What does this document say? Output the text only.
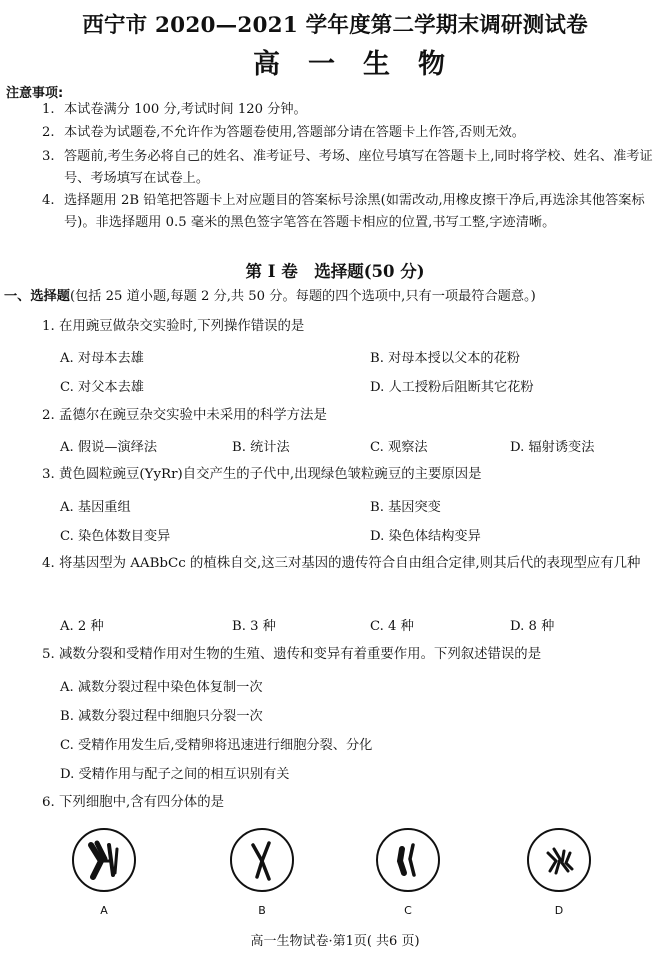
西宁市 2020—2021 学年度第二学期末调研测试卷
高一生物
注意事项:
1. 本试卷满分 100 分,考试时间 120 分钟。
2. 本试卷为试题卷,不允许作为答题卷使用,答题部分请在答题卡上作答,否则无效。
3. 答题前,考生务必将自己的姓名、准考证号、考场、座位号填写在答题卡上,同时将学校、姓名、准考证号、考场填写在试卷上。
4. 选择题用 2B 铅笔把答题卡上对应题目的答案标号涂黑(如需改动,用橡皮擦干净后,再选涂其他答案标号)。非选择题用 0.5 毫米的黑色签字笔答在答题卡相应的位置,书写工整,字迹清晰。
第 I 卷　选择题(50 分)
一、选择题(包括 25 道小题,每题 2 分,共 50 分。每题的四个选项中,只有一项最符合题意。)
1. 在用豌豆做杂交实验时,下列操作错误的是
A. 对母本去雄	B. 对母本授以父本的花粉
C. 对父本去雄	D. 人工授粉后阻断其它花粉
2. 孟德尔在豌豆杂交实验中未采用的科学方法是
A. 假说—演绎法	B. 统计法	C. 观察法	D. 辐射诱变法
3. 黄色圆粒豌豆(YyRr)自交产生的子代中,出现绿色皱粒豌豆的主要原因是
A. 基因重组	B. 基因突变
C. 染色体数目变异	D. 染色体结构变异
4. 将基因型为 AABbCc 的植株自交,这三对基因的遗传符合自由组合定律,则其后代的表现型应有几种
A. 2 种	B. 3 种	C. 4 种	D. 8 种
5. 减数分裂和受精作用对生物的生殖、遗传和变异有着重要作用。下列叙述错误的是
A. 减数分裂过程中染色体复制一次
B. 减数分裂过程中细胞只分裂一次
C. 受精作用发生后,受精卵将迅速进行细胞分裂、分化
D. 受精作用与配子之间的相互识别有关
6. 下列细胞中,含有四分体的是
A	B	C	D
高一生物试卷·第1页( 共6 页)
